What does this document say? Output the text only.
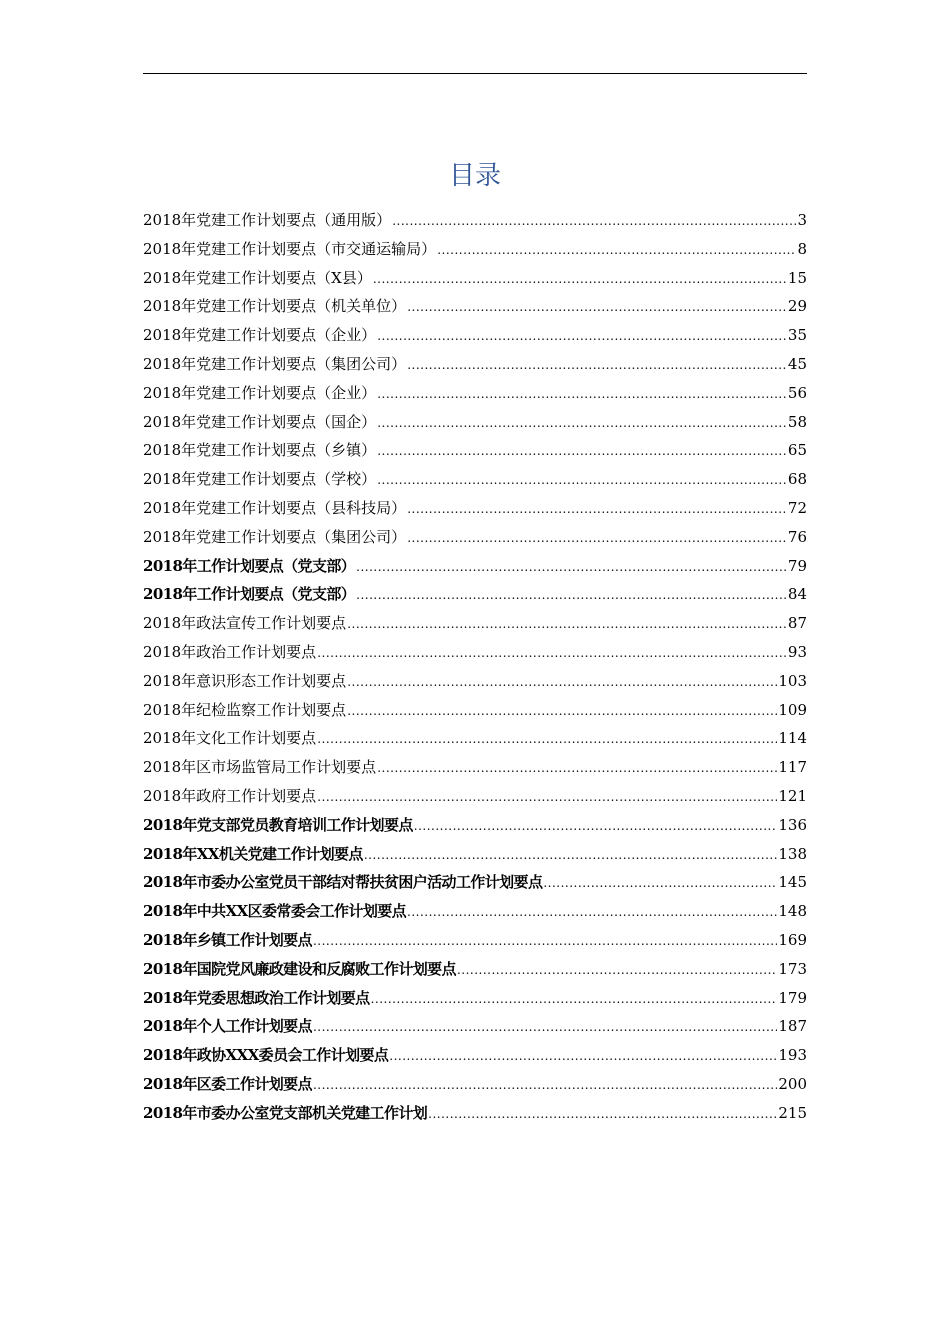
目录
2018年党建工作计划要点（通用版） .....	3
2018年党建工作计划要点（市交通运输局） .....	8
2018年党建工作计划要点（X县） .....	15
2018年党建工作计划要点（机关单位） .....	29
2018年党建工作计划要点（企业） .....	35
2018年党建工作计划要点（集团公司） .....	45
2018年党建工作计划要点（企业） .....	56
2018年党建工作计划要点（国企） .....	58
2018年党建工作计划要点（乡镇） .....	65
2018年党建工作计划要点（学校） .....	68
2018年党建工作计划要点（县科技局） .....	72
2018年党建工作计划要点（集团公司） .....	76
2018年工作计划要点（党支部） .....	79
2018年工作计划要点（党支部） .....	84
2018年政法宣传工作计划要点 .....	87
2018年政治工作计划要点 .....	93
2018年意识形态工作计划要点 .....	103
2018年纪检监察工作计划要点 .....	109
2018年文化工作计划要点 .....	114
2018年区市场监管局工作计划要点 .....	117
2018年政府工作计划要点 .....	121
2018年党支部党员教育培训工作计划要点 .....	136
2018年XX机关党建工作计划要点 .....	138
2018年市委办公室党员干部结对帮扶贫困户活动工作计划要点 .....	145
2018年中共XX区委常委会工作计划要点 .....	148
2018年乡镇工作计划要点 .....	169
2018年国院党风廉政建设和反腐败工作计划要点 .....	173
2018年党委思想政治工作计划要点 .....	179
2018年个人工作计划要点 .....	187
2018年政协XXX委员会工作计划要点 .....	193
2018年区委工作计划要点 .....	200
2018年市委办公室党支部机关党建工作计划 .....	215
